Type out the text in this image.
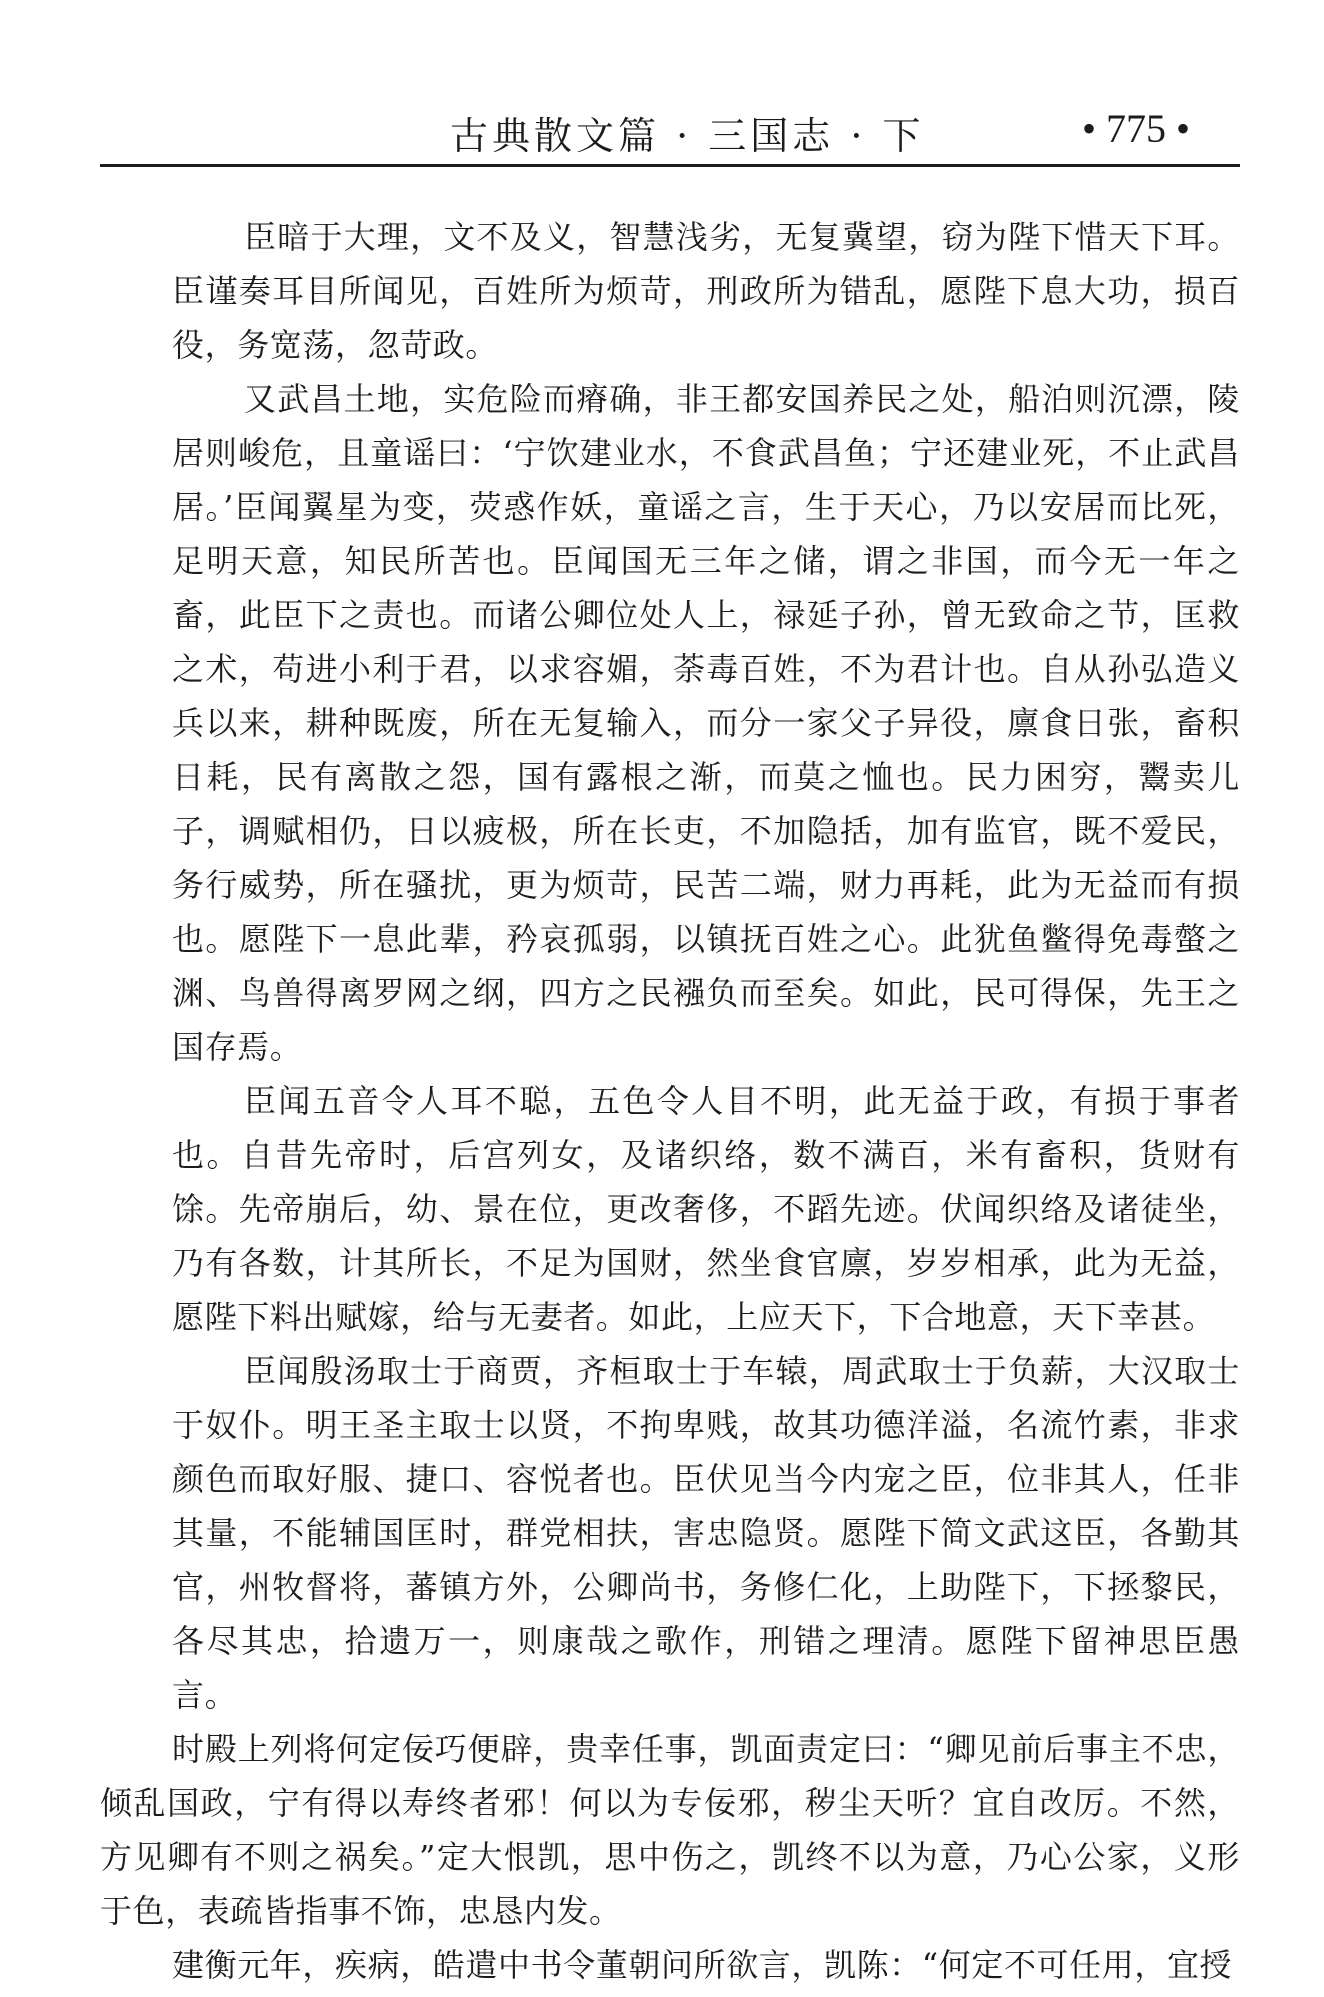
古典散文篇 · 三国志 · 下	• 775 •

臣暗于大理，文不及义，智慧浅劣，无复冀望，窃为陛下惜天下耳。臣谨奏耳目所闻见，百姓所为烦苛，刑政所为错乱，愿陛下息大功，损百役，务宽荡，忽苛政。

又武昌土地，实危险而瘠确，非王都安国养民之处，船泊则沉漂，陵居则峻危，且童谣曰：‘宁饮建业水，不食武昌鱼；宁还建业死，不止武昌居。’臣闻翼星为变，荧惑作妖，童谣之言，生于天心，乃以安居而比死，足明天意，知民所苦也。臣闻国无三年之储，谓之非国，而今无一年之畜，此臣下之责也。而诸公卿位处人上，禄延子孙，曾无致命之节，匡救之术，苟进小利于君，以求容媚，荼毒百姓，不为君计也。自从孙弘造义兵以来，耕种既废，所在无复输入，而分一家父子异役，廪食日张，畜积日耗，民有离散之怨，国有露根之渐，而莫之恤也。民力困穷，鬻卖儿子，调赋相仍，日以疲极，所在长吏，不加隐括，加有监官，既不爱民，务行威势，所在骚扰，更为烦苛，民苦二端，财力再耗，此为无益而有损也。愿陛下一息此辈，矜哀孤弱，以镇抚百姓之心。此犹鱼鳖得免毒螫之渊、鸟兽得离罗网之纲，四方之民襁负而至矣。如此，民可得保，先王之国存焉。

臣闻五音令人耳不聪，五色令人目不明，此无益于政，有损于事者也。自昔先帝时，后宫列女，及诸织络，数不满百，米有畜积，货财有馀。先帝崩后，幼、景在位，更改奢侈，不蹈先迹。伏闻织络及诸徒坐，乃有各数，计其所长，不足为国财，然坐食官廪，岁岁相承，此为无益，愿陛下料出赋嫁，给与无妻者。如此，上应天下，下合地意，天下幸甚。

臣闻殷汤取士于商贾，齐桓取士于车辕，周武取士于负薪，大汉取士于奴仆。明王圣主取士以贤，不拘卑贱，故其功德洋溢，名流竹素，非求颜色而取好服、捷口、容悦者也。臣伏见当今内宠之臣，位非其人，任非其量，不能辅国匡时，群党相扶，害忠隐贤。愿陛下简文武这臣，各勤其官，州牧督将，蕃镇方外，公卿尚书，务修仁化，上助陛下，下拯黎民，各尽其忠，拾遗万一，则康哉之歌作，刑错之理清。愿陛下留神思臣愚言。

时殿上列将何定佞巧便辟，贵幸任事，凯面责定曰：“卿见前后事主不忠，倾乱国政，宁有得以寿终者邪！何以为专佞邪，秽尘天听？宜自改厉。不然，方见卿有不则之祸矣。”定大恨凯，思中伤之，凯终不以为意，乃心公家，义形于色，表疏皆指事不饰，忠恳内发。

建衡元年，疾病，皓遣中书令董朝问所欲言，凯陈：“何定不可任用，宜授
